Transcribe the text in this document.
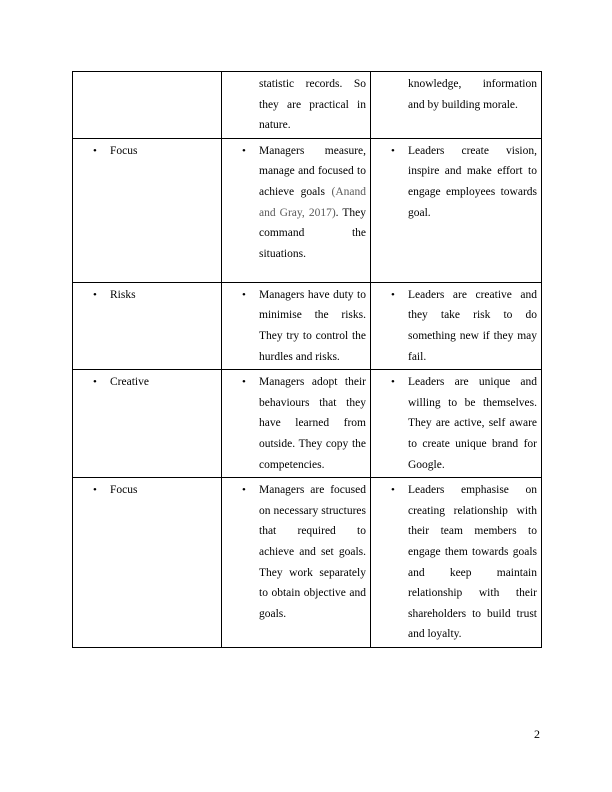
	statistic records. So they are practical in nature.	knowledge, information and by building morale.

• Focus	• Managers measure, manage and focused to achieve goals (Anand and Gray, 2017). They command the situations.	• Leaders create vision, inspire and make effort to engage employees towards goal.

• Risks	• Managers have duty to minimise the risks. They try to control the hurdles and risks.	• Leaders are creative and they take risk to do something new if they may fail.

• Creative	• Managers adopt their behaviours that they have learned from outside. They copy the competencies.	• Leaders are unique and willing to be themselves. They are active, self aware to create unique brand for Google.

• Focus	• Managers are focused on necessary structures that required to achieve and set goals. They work separately to obtain objective and goals.	• Leaders emphasise on creating relationship with their team members to engage them towards goals and keep maintain relationship with their shareholders to build trust and loyalty.
2
